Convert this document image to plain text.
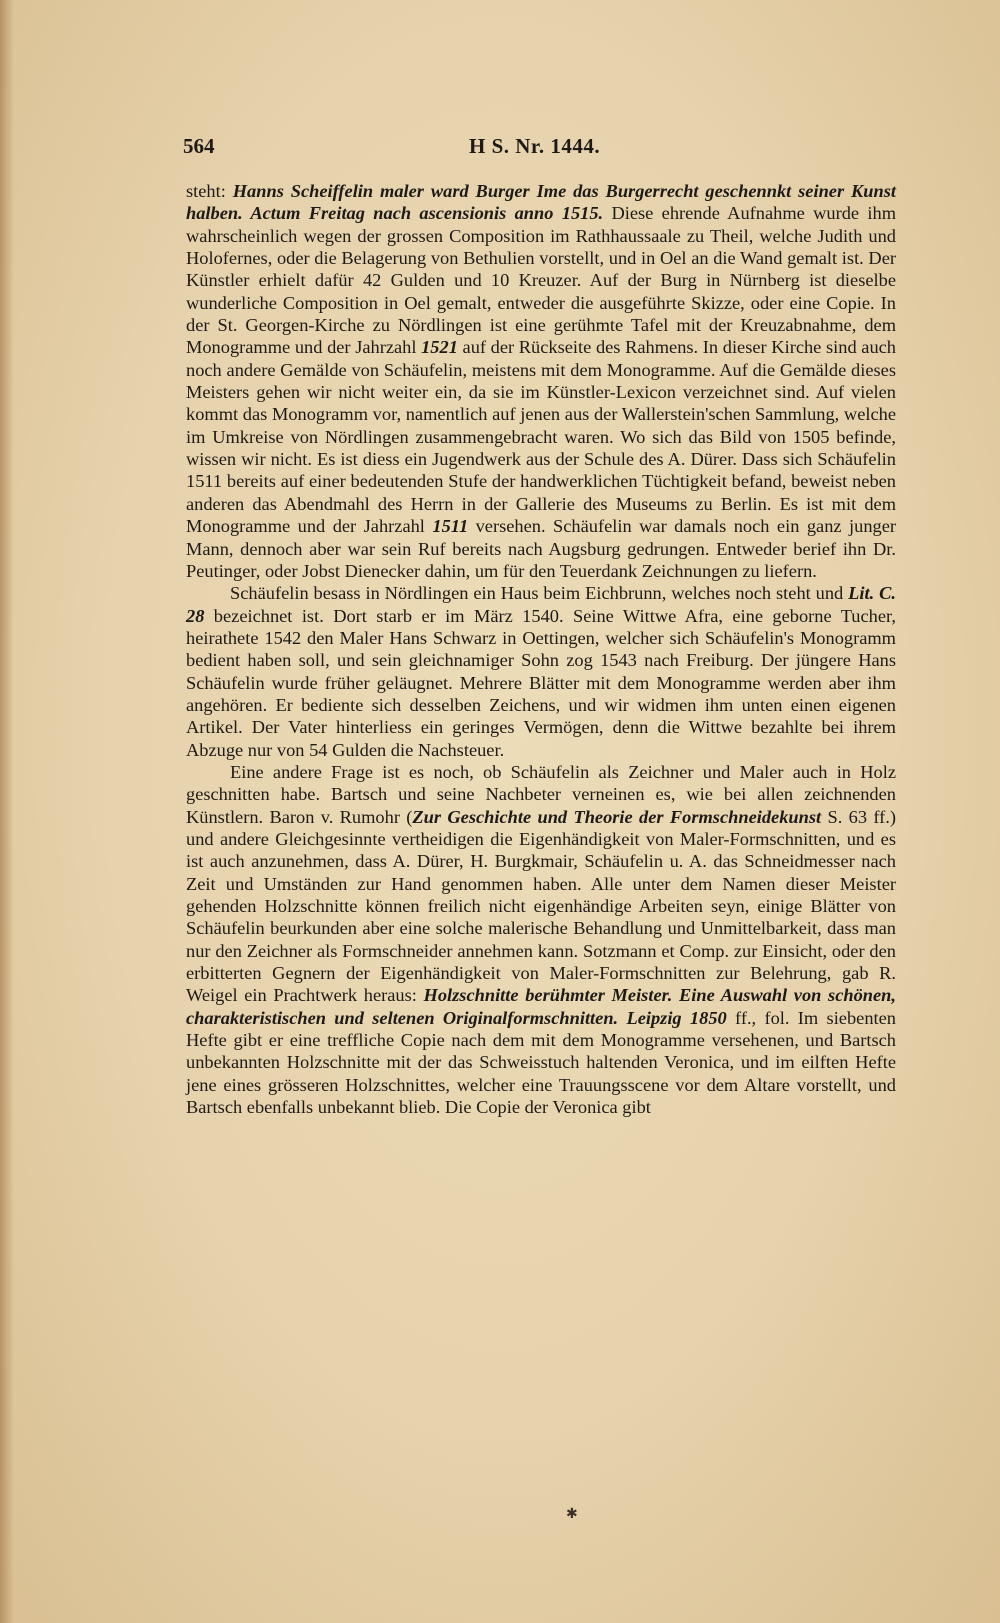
564	H S. Nr. 1444.

steht: Hanns Scheiffelin maler ward Burger Ime das Burgerrecht geschennkt seiner Kunst halben. Actum Freitag nach ascensionis anno 1515. Diese ehrende Aufnahme wurde ihm wahrscheinlich wegen der grossen Composition im Rathhaussaale zu Theil, welche Judith und Holofernes, oder die Belagerung von Bethulien vorstellt, und in Oel an die Wand gemalt ist. Der Künstler erhielt dafür 42 Gulden und 10 Kreuzer. Auf der Burg in Nürnberg ist dieselbe wunderliche Composition in Oel gemalt, entweder die ausgeführte Skizze, oder eine Copie. In der St. Georgen-Kirche zu Nördlingen ist eine gerühmte Tafel mit der Kreuzabnahme, dem Monogramme und der Jahrzahl 1521 auf der Rückseite des Rahmens. In dieser Kirche sind auch noch andere Gemälde von Schäufelin, meistens mit dem Monogramme. Auf die Gemälde dieses Meisters gehen wir nicht weiter ein, da sie im Künstler-Lexicon verzeichnet sind. Auf vielen kommt das Monogramm vor, namentlich auf jenen aus der Wallerstein'schen Sammlung, welche im Umkreise von Nördlingen zusammengebracht waren. Wo sich das Bild von 1505 befinde, wissen wir nicht. Es ist diess ein Jugendwerk aus der Schule des A. Dürer. Dass sich Schäufelin 1511 bereits auf einer bedeutenden Stufe der handwerklichen Tüchtigkeit befand, beweist neben anderen das Abendmahl des Herrn in der Gallerie des Museums zu Berlin. Es ist mit dem Monogramme und der Jahrzahl 1511 versehen. Schäufelin war damals noch ein ganz junger Mann, dennoch aber war sein Ruf bereits nach Augsburg gedrungen. Entweder berief ihn Dr. Peutinger, oder Jobst Dienecker dahin, um für den Teuerdank Zeichnungen zu liefern.

Schäufelin besass in Nördlingen ein Haus beim Eichbrunn, welches noch steht und Lit. C. 28 bezeichnet ist. Dort starb er im März 1540. Seine Wittwe Afra, eine geborne Tucher, heirathete 1542 den Maler Hans Schwarz in Oettingen, welcher sich Schäufelin's Monogramm bedient haben soll, und sein gleichnamiger Sohn zog 1543 nach Freiburg. Der jüngere Hans Schäufelin wurde früher geläugnet. Mehrere Blätter mit dem Monogramme werden aber ihm angehören. Er bediente sich desselben Zeichens, und wir widmen ihm unten einen eigenen Artikel. Der Vater hinterliess ein geringes Vermögen, denn die Wittwe bezahlte bei ihrem Abzuge nur von 54 Gulden die Nachsteuer.

Eine andere Frage ist es noch, ob Schäufelin als Zeichner und Maler auch in Holz geschnitten habe. Bartsch und seine Nachbeter verneinen es, wie bei allen zeichnenden Künstlern. Baron v. Rumohr (Zur Geschichte und Theorie der Formschneidekunst S. 63 ff.) und andere Gleichgesinnte vertheidigen die Eigenhändigkeit von Maler-Formschnitten, und es ist auch anzunehmen, dass A. Dürer, H. Burgkmair, Schäufelin u. A. das Schneidmesser nach Zeit und Umständen zur Hand genommen haben. Alle unter dem Namen dieser Meister gehenden Holzschnitte können freilich nicht eigenhändige Arbeiten seyn, einige Blätter von Schäufelin beurkunden aber eine solche malerische Behandlung und Unmittelbarkeit, dass man nur den Zeichner als Formschneider annehmen kann. Sotzmann et Comp. zur Einsicht, oder den erbitterten Gegnern der Eigenhändigkeit von Maler-Formschnitten zur Belehrung, gab R. Weigel ein Prachtwerk heraus: Holzschnitte berühmter Meister. Eine Auswahl von schönen, charakteristischen und seltenen Originalformschnitten. Leipzig 1850 ff., fol. Im siebenten Hefte gibt er eine treffliche Copie nach dem mit dem Monogramme versehenen, und Bartsch unbekannten Holzschnitte mit der das Schweisstuch haltenden Veronica, und im eilften Hefte jene eines grösseren Holzschnittes, welcher eine Trauungsscene vor dem Altare vorstellt, und Bartsch ebenfalls unbekannt blieb. Die Copie der Veronica gibt

✱
